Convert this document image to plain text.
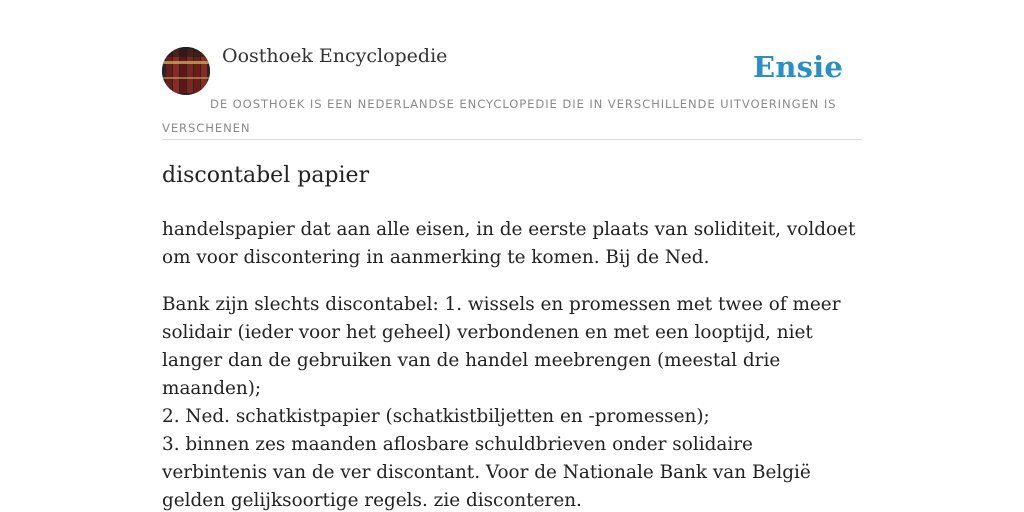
Oosthoek Encyclopedie	Ensie
DE OOSTHOEK IS EEN NEDERLANDSE ENCYCLOPEDIE DIE IN VERSCHILLENDE UITVOERINGEN IS VERSCHENEN
discontabel papier

handelspapier dat aan alle eisen, in de eerste plaats van soliditeit, voldoet om voor discontering in aanmerking te komen. Bij de Ned.

Bank zijn slechts discontabel: 1. wissels en promessen met twee of meer solidair (ieder voor het geheel) verbondenen en met een looptijd, niet langer dan de gebruiken van de handel meebrengen (meestal drie maanden);
2. Ned. schatkistpapier (schatkistbiljetten en -promessen);
3. binnen zes maanden aflosbare schuldbrieven onder solidaire verbintenis van de ver discontant. Voor de Nationale Bank van België gelden gelijksoortige regels. zie disconteren.
